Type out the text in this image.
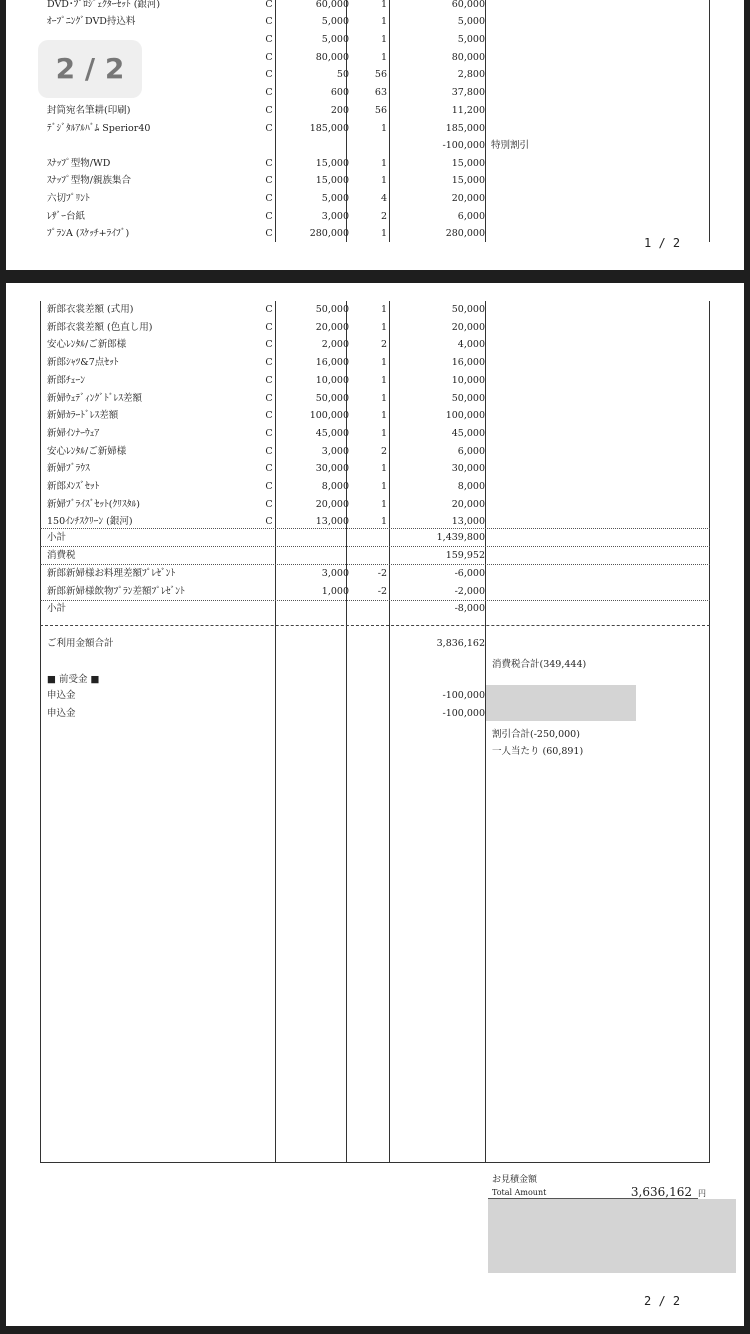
DVD･ﾌﾟﾛｼﾞｪｸﾀｰｾｯﾄ (銀河)	C	60,000	1	60,000
ｵｰﾌﾟﾆﾝｸﾞDVD持込料	C	5,000	1	5,000
C	5,000	1	5,000
C	80,000	1	80,000
C	50	56	2,800
C	600	63	37,800
封筒宛名筆耕(印刷)	C	200	56	11,200
ﾃﾞｼﾞﾀﾙｱﾙﾊﾞﾑ Sperior40	C	185,000	1	185,000
-100,000 特別割引
ｽﾅｯﾌﾟ型物/WD	C	15,000	1	15,000
ｽﾅｯﾌﾟ型物/親族集合	C	15,000	1	15,000
六切ﾌﾟﾘﾝﾄ	C	5,000	4	20,000
ﾚｻﾞｰ台紙	C	3,000	2	6,000
ﾌﾟﾗﾝA (ｽｹｯﾁ+ﾗｲﾌﾞ)	C	280,000	1	280,000
1 / 2
2 / 2
新郎衣裳差額 (式用)	C	50,000	1	50,000
新郎衣裳差額 (色直し用)	C	20,000	1	20,000
安心ﾚﾝﾀﾙ/ご新郎様	C	2,000	2	4,000
新郎ｼｬﾂ&7点ｾｯﾄ	C	16,000	1	16,000
新郎ﾁｪｰﾝ	C	10,000	1	10,000
新婦ｳｪﾃﾞｨﾝｸﾞﾄﾞﾚｽ差額	C	50,000	1	50,000
新婦ｶﾗｰﾄﾞﾚｽ差額	C	100,000	1	100,000
新婦ｲﾝﾅｰｳｪｱ	C	45,000	1	45,000
安心ﾚﾝﾀﾙ/ご新婦様	C	3,000	2	6,000
新婦ﾌﾞﾗｳｽ	C	30,000	1	30,000
新郎ﾒﾝｽﾞｾｯﾄ	C	8,000	1	8,000
新婦ﾌﾞﾗｲｽﾞｾｯﾄ(ｸﾘｽﾀﾙ)	C	20,000	1	20,000
150ｲﾝﾁｽｸﾘｰﾝ (銀河)	C	13,000	1	13,000
小計	1,439,800
消費税	159,952
新郎新婦様お料理差額ﾌﾟﾚｾﾞﾝﾄ	3,000	-2	-6,000
新郎新婦様飲物ﾌﾟﾗﾝ差額ﾌﾟﾚｾﾞﾝﾄ	1,000	-2	-2,000
小計	-8,000
ご利用金額合計	3,836,162
消費税合計(349,444)
■ 前受金 ■
申込金	-100,000
申込金	-100,000
割引合計(-250,000)
一人当たり (60,891)
お見積金額
Total Amount	3,636,162 円
2 / 2
